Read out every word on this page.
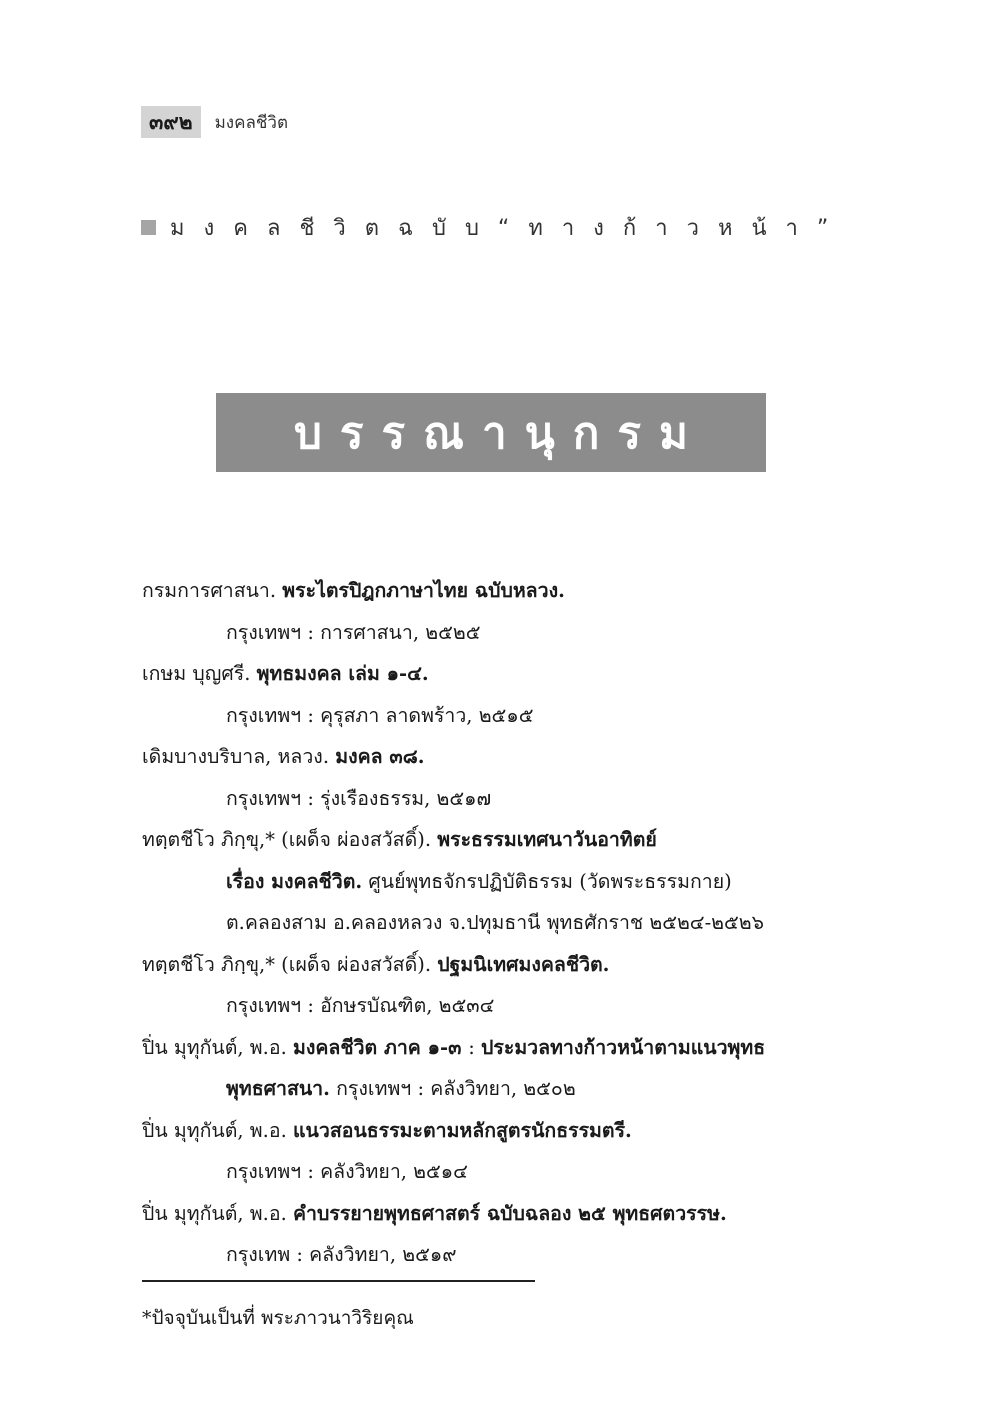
๓๙๒	มงคลชีวิต
มงคลชีวิตฉบับ“ทางก้าวหน้า”
บรรณานุกรม
กรมการศาสนา. พระไตรปิฎกภาษาไทย ฉบับหลวง.
กรุงเทพฯ : การศาสนา, ๒๕๒๕
เกษม บุญศรี. พุทธมงคล เล่ม ๑-๔.
กรุงเทพฯ : คุรุสภา ลาดพร้าว, ๒๕๑๕
เดิมบางบริบาล, หลวง. มงคล ๓๘.
กรุงเทพฯ : รุ่งเรืองธรรม, ๒๕๑๗
ทตฺตชีโว ภิกฺขุ,* (เผด็จ ผ่องสวัสดิ์). พระธรรมเทศนาวันอาทิตย์
เรื่อง มงคลชีวิต. ศูนย์พุทธจักรปฏิบัติธรรม (วัดพระธรรมกาย)
ต.คลองสาม อ.คลองหลวง จ.ปทุมธานี พุทธศักราช ๒๕๒๔-๒๕๒๖
ทตฺตชีโว ภิกฺขุ,* (เผด็จ ผ่องสวัสดิ์). ปฐมนิเทศมงคลชีวิต.
กรุงเทพฯ : อักษรบัณฑิต, ๒๕๓๔
ปิ่น มุทุกันต์, พ.อ. มงคลชีวิต ภาค ๑-๓ : ประมวลทางก้าวหน้าตามแนวพุทธ
พุทธศาสนา. กรุงเทพฯ : คลังวิทยา, ๒๕๐๒
ปิ่น มุทุกันต์, พ.อ. แนวสอนธรรมะตามหลักสูตรนักธรรมตรี.
กรุงเทพฯ : คลังวิทยา, ๒๕๑๔
ปิ่น มุทุกันต์, พ.อ. คำบรรยายพุทธศาสตร์ ฉบับฉลอง ๒๕ พุทธศตวรรษ.
กรุงเทพ : คลังวิทยา, ๒๕๑๙
*ปัจจุบันเป็นที่ พระภาวนาวิริยคุณ
